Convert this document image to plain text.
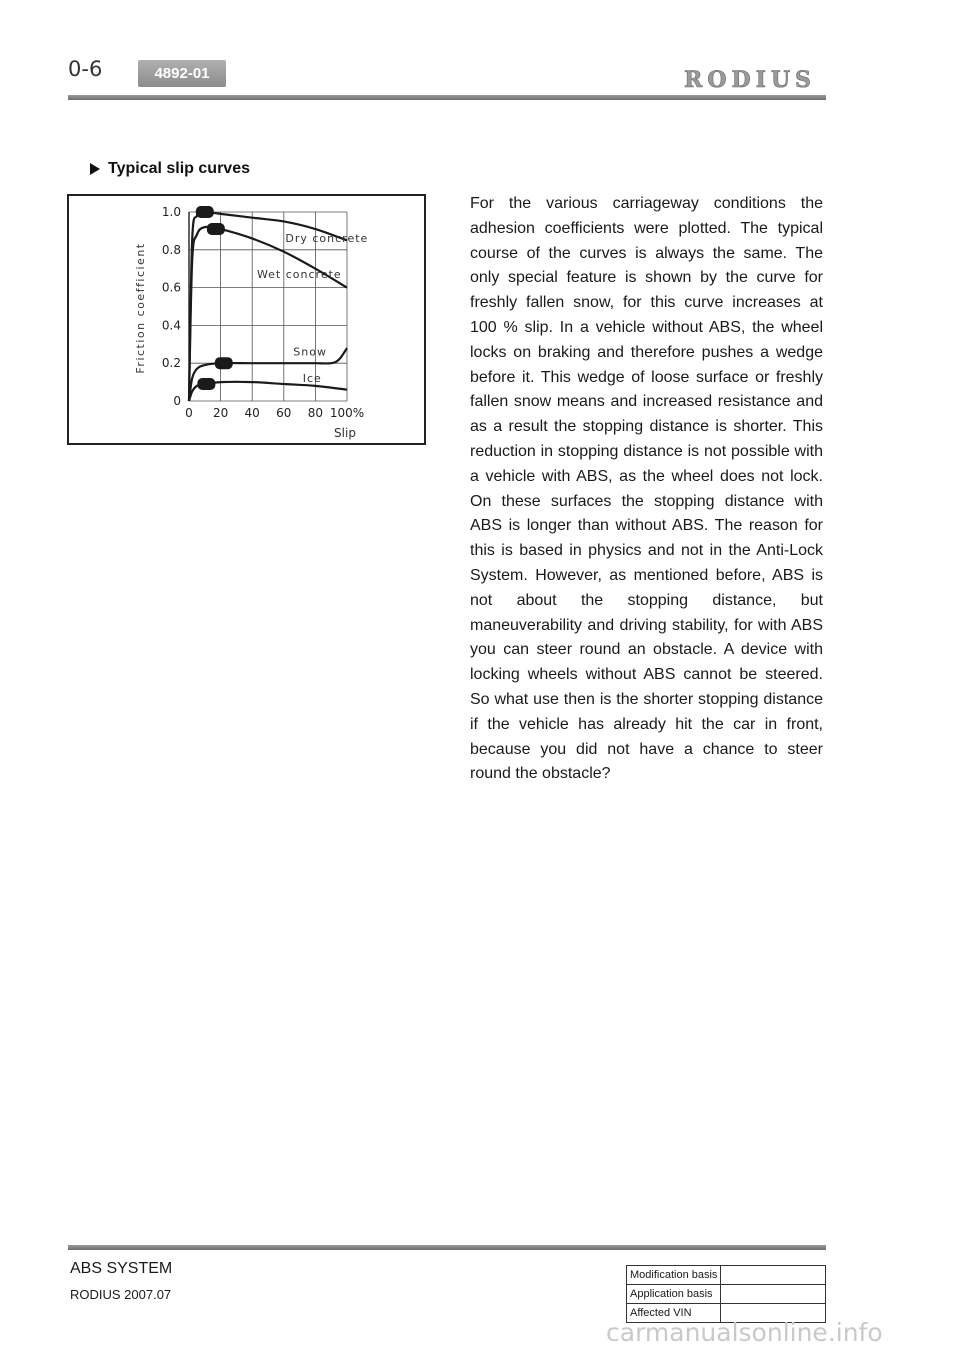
0-6	4892-01	RODIUS
Typical slip curves
0 20 40 60 80 100%
0
0.2
0.4
0.6
0.8
1.0
Dry concrete
Wet concrete
Snow
Ice
Friction coefficient
Slip

For the various carriageway conditions the adhesion coefficients were plotted. The typical course of the curves is always the same. The only special feature is shown by the curve for freshly fallen snow, for this curve increases at 100 % slip. In a vehicle without ABS, the wheel locks on braking and therefore pushes a wedge before it. This wedge of loose surface or freshly fallen snow means and increased resistance and as a result the stopping distance is shorter. This reduction in stopping distance is not possible with a vehicle with ABS, as the wheel does not lock. On these surfaces the stopping distance with ABS is longer than without ABS. The reason for this is based in physics and not in the Anti-Lock System. However, as mentioned before, ABS is not about the stopping distance, but maneuverability and driving stability, for with ABS you can steer round an obstacle. A device with locking wheels without ABS cannot be steered. So what use then is the shorter stopping distance if the vehicle has already hit the car in front, because you did not have a chance to steer round the obstacle?

ABS SYSTEM
RODIUS 2007.07
Modification basis	
Application basis	
Affected VIN	
carmanualsonline.info
